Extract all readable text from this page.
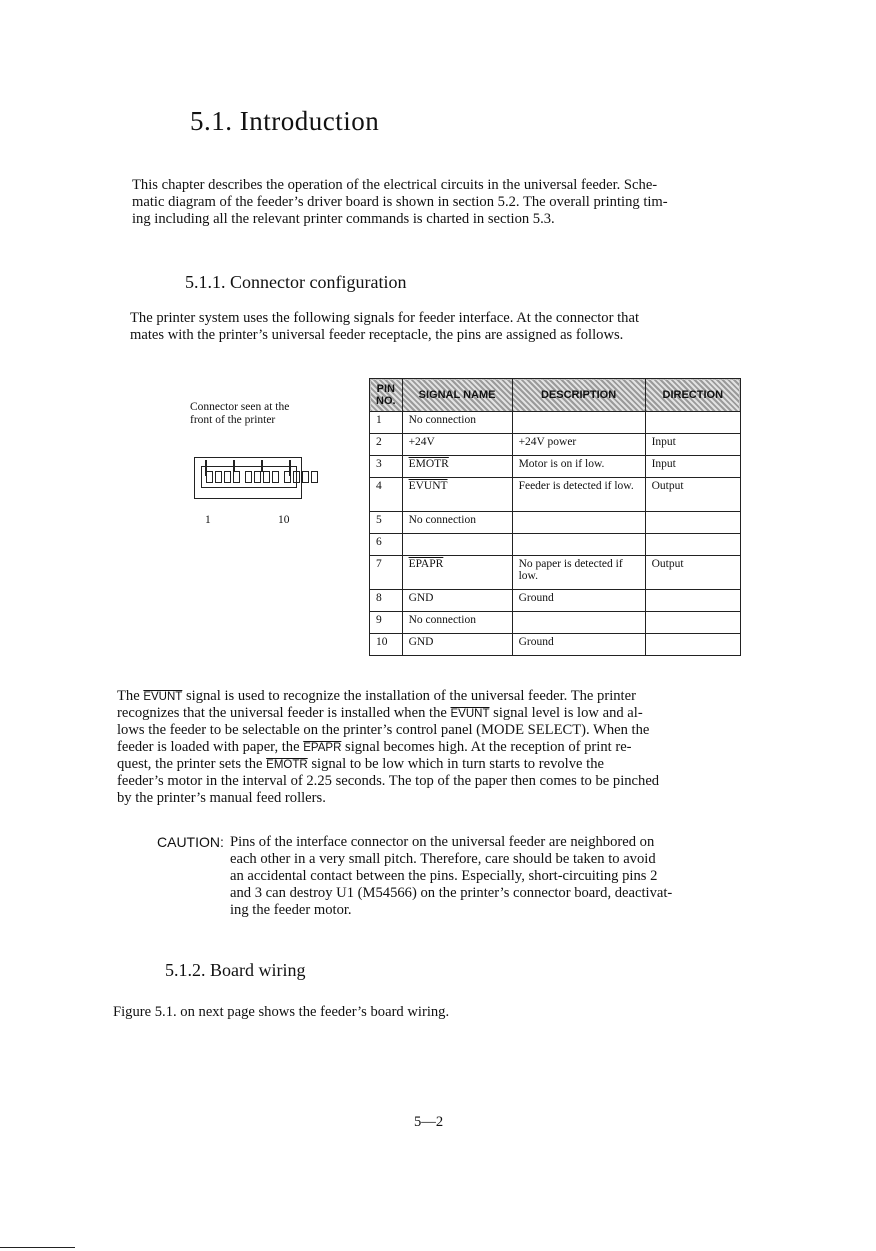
5.1. Introduction
This chapter describes the operation of the electrical circuits in the universal feeder. Sche-
matic diagram of the feeder’s driver board is shown in section 5.2. The overall printing tim-
ing including all the relevant printer commands is charted in section 5.3.
5.1.1. Connector configuration
The printer system uses the following signals for feeder interface. At the connector that
mates with the printer’s universal feeder receptacle, the pins are assigned as follows.
Connector seen at the
front of the printer
1	10
PIN
NO.	SIGNAL NAME	DESCRIPTION	DIRECTION
1	No connection		
2	+24V	+24V power	Input
3	EMOTR	Motor is on if low.	Input
4	EVUNT	Feeder is detected if low.	Output
5	No connection		
6			
7	EPAPR	No paper is detected if low.	Output
8	GND	Ground	
9	No connection		
10	GND	Ground	
The EVUNT signal is used to recognize the installation of the universal feeder. The printer
recognizes that the universal feeder is installed when the EVUNT signal level is low and al-
lows the feeder to be selectable on the printer’s control panel (MODE SELECT). When the
feeder is loaded with paper, the EPAPR signal becomes high. At the reception of print re-
quest, the printer sets the EMOTR signal to be low which in turn starts to revolve the
feeder’s motor in the interval of 2.25 seconds. The top of the paper then comes to be pinched
by the printer’s manual feed rollers.
CAUTION: Pins of the interface connector on the universal feeder are neighbored on
each other in a very small pitch. Therefore, care should be taken to avoid
an accidental contact between the pins. Especially, short-circuiting pins 2
and 3 can destroy U1 (M54566) on the printer’s connector board, deactivat-
ing the feeder motor.
5.1.2. Board wiring
Figure 5.1. on next page shows the feeder’s board wiring.
5—2
